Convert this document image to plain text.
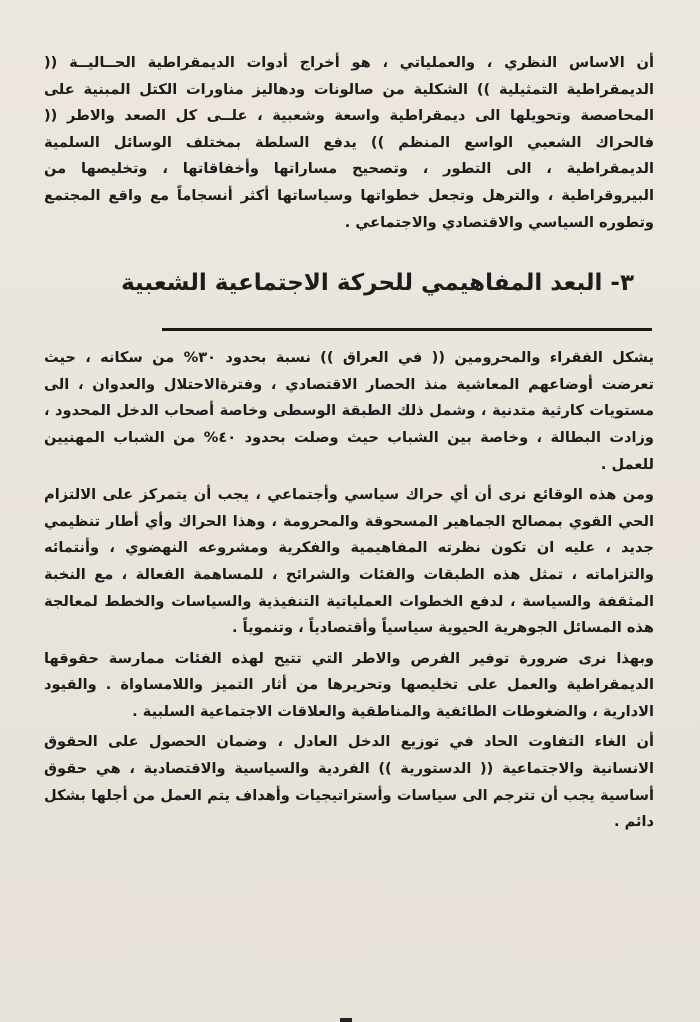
أن الاساس النظري ، والعملياتي ، هو أخراج أدوات الديمقراطية الحــاليــة (( الديمقراطية التمثيلية )) الشكلية من صالونات ودهاليز مناورات الكتل المبنية على المحاصصة وتحويلها الى ديمقراطية واسعة وشعبية ، علــى كل الصعد والاطر (( فالحراك الشعبي الواسع المنظم )) يدفع السلطة بمختلف الوسائل السلمية الديمقراطية ، الى التطور ، وتصحيح مساراتها وأخفاقاتها ، وتخليصها من البيروقراطية ، والترهل وتجعل خطواتها وسياساتها أكثر أنسجاماً مع واقع المجتمع وتطوره السياسي والاقتصادي والاجتماعي .

٣- البعد المفاهيمي للحركة الاجتماعية الشعبية

يشكل الفقراء والمحرومين (( في العراق )) نسبة بحدود ٣٠% من سكانه ، حيث تعرضت أوضاعهم المعاشية منذ الحصار الاقتصادي ، وفترةالاحتلال والعدوان ، الى مستويات كارثية متدنية ، وشمل ذلك الطبقة الوسطى وخاصة أصحاب الدخل المحدود ، وزادت البطالة ، وخاصة بين الشباب حيث وصلت بحدود ٤٠% من الشباب المهنيين للعمل .

ومن هذه الوقائع نرى أن أي حراك سياسي وأجتماعي ، يجب أن يتمركز على الالتزام الحي القوي بمصالح الجماهير المسحوقة والمحرومة ، وهذا الحراك وأي أطار تنظيمي جديد ، عليه ان تكون نظرته المفاهيمية والفكرية ومشروعه النهضوي ، وأنتمائه والتزاماته ، تمثل هذه الطبقات والفئات والشرائح ، للمساهمة الفعالة ، مع النخبة المثقفة والسياسة ، لدفع الخطوات العملياتية التنفيذية والسياسات والخطط لمعالجة هذه المسائل الجوهرية الحيوية سياسياً وأقتصادياً ، وتنموياً .

وبهذا نرى ضرورة توفير الفرص والاطر التي تتيح لهذه الفئات ممارسة حقوقها الديمقراطية والعمل على تخليصها وتحريرها من أثار التميز واللامساواة . والقيود الادارية ، والضغوطات الطائفية والمناطقية والعلاقات الاجتماعية السلبية .

أن الغاء التفاوت الحاد في توزيع الدخل العادل ، وضمان الحصول على الحقوق الانسانية والاجتماعية (( الدستورية )) الفردية والسياسية والاقتصادية ، هي حقوق أساسية يجب أن تترجم الى سياسات وأستراتيجيات وأهداف يتم العمل من أجلها بشكل دائم .
